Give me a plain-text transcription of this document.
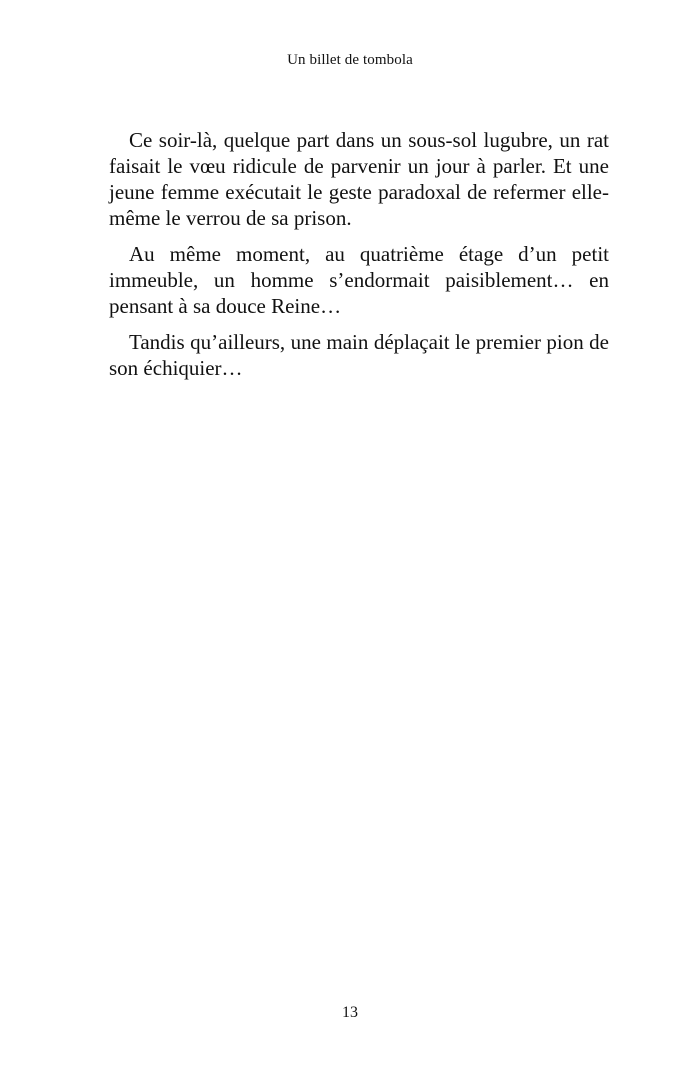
Un billet de tombola

Ce soir-là, quelque part dans un sous-sol lugubre, un rat faisait le vœu ridicule de parvenir un jour à parler. Et une jeune femme exécutait le geste paradoxal de refermer elle-même le verrou de sa prison.

Au même moment, au quatrième étage d’un petit immeuble, un homme s’endormait paisiblement… en pensant à sa douce Reine…

Tandis qu’ailleurs, une main déplaçait le premier pion de son échiquier…

13
